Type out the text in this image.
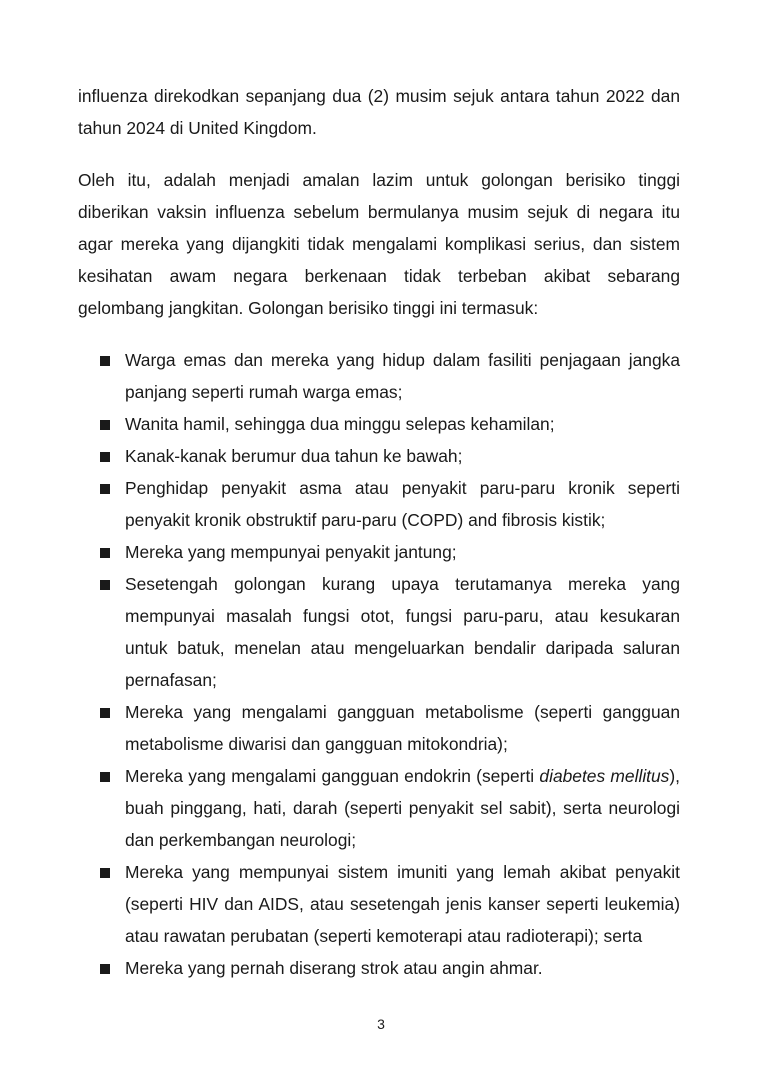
influenza direkodkan sepanjang dua (2) musim sejuk antara tahun 2022 dan tahun 2024 di United Kingdom.

Oleh itu, adalah menjadi amalan lazim untuk golongan berisiko tinggi diberikan vaksin influenza sebelum bermulanya musim sejuk di negara itu agar mereka yang dijangkiti tidak mengalami komplikasi serius, dan sistem kesihatan awam negara berkenaan tidak terbeban akibat sebarang gelombang jangkitan. Golongan berisiko tinggi ini termasuk:

Warga emas dan mereka yang hidup dalam fasiliti penjagaan jangka panjang seperti rumah warga emas;
Wanita hamil, sehingga dua minggu selepas kehamilan;
Kanak-kanak berumur dua tahun ke bawah;
Penghidap penyakit asma atau penyakit paru-paru kronik seperti penyakit kronik obstruktif paru-paru (COPD) and fibrosis kistik;
Mereka yang mempunyai penyakit jantung;
Sesetengah golongan kurang upaya terutamanya mereka yang mempunyai masalah fungsi otot, fungsi paru-paru, atau kesukaran untuk batuk, menelan atau mengeluarkan bendalir daripada saluran pernafasan;
Mereka yang mengalami gangguan metabolisme (seperti gangguan metabolisme diwarisi dan gangguan mitokondria);
Mereka yang mengalami gangguan endokrin (seperti diabetes mellitus), buah pinggang, hati, darah (seperti penyakit sel sabit), serta neurologi dan perkembangan neurologi;
Mereka yang mempunyai sistem imuniti yang lemah akibat penyakit (seperti HIV dan AIDS, atau sesetengah jenis kanser seperti leukemia) atau rawatan perubatan (seperti kemoterapi atau radioterapi); serta
Mereka yang pernah diserang strok atau angin ahmar.
3
